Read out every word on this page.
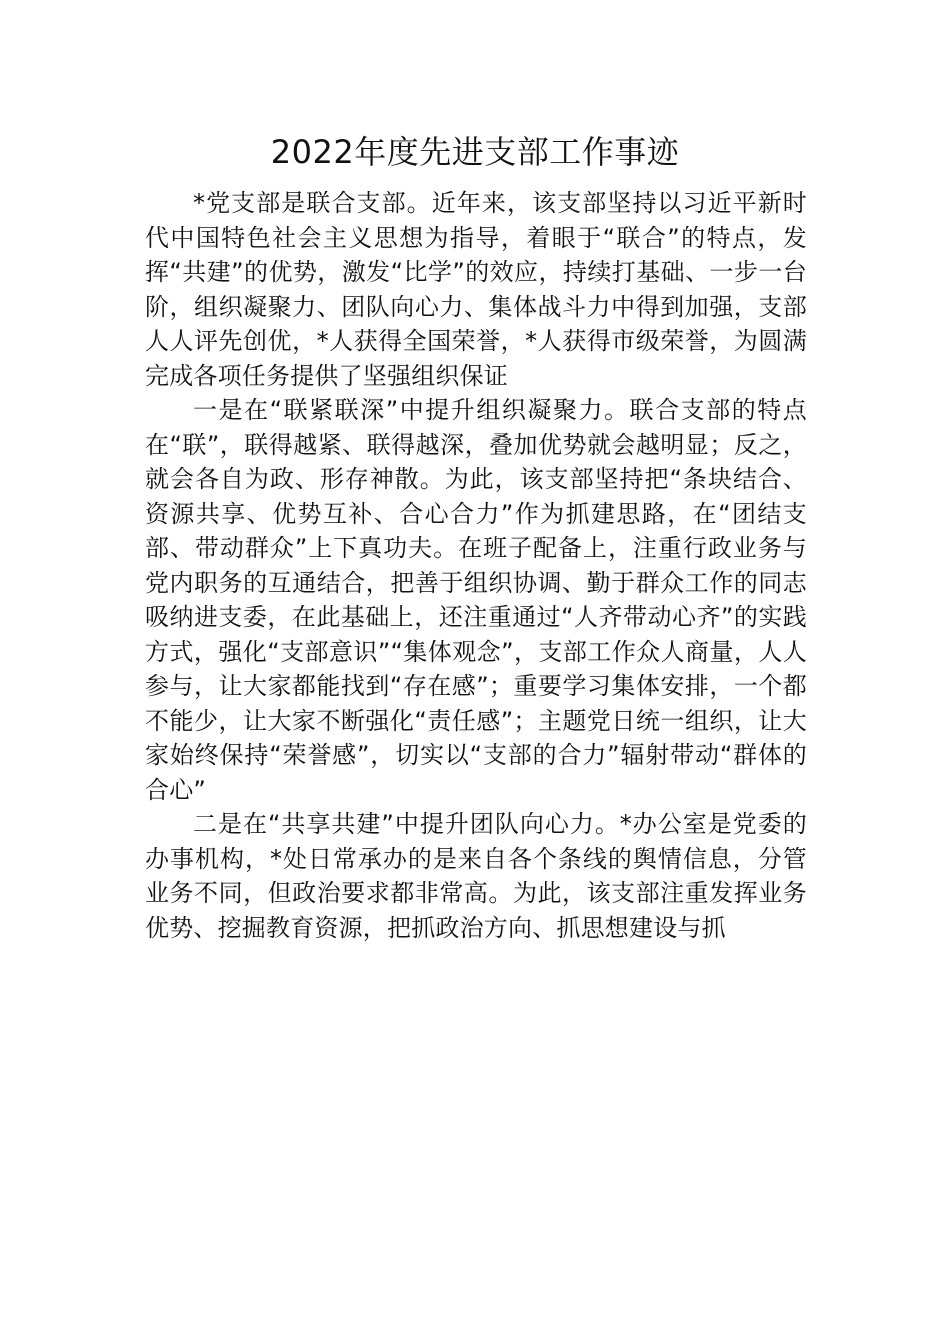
2022年度先进支部工作事迹

*党支部是联合支部。近年来，该支部坚持以习近平新时代中国特色社会主义思想为指导，着眼于“联合”的特点，发挥“共建”的优势，激发“比学”的效应，持续打基础、一步一台阶，组织凝聚力、团队向心力、集体战斗力中得到加强，支部人人评先创优，*人获得全国荣誉，*人获得市级荣誉，为圆满完成各项任务提供了坚强组织保证

一是在“联紧联深”中提升组织凝聚力。联合支部的特点在“联”，联得越紧、联得越深，叠加优势就会越明显；反之，就会各自为政、形存神散。为此，该支部坚持把“条块结合、资源共享、优势互补、合心合力”作为抓建思路，在“团结支部、带动群众”上下真功夫。在班子配备上，注重行政业务与党内职务的互通结合，把善于组织协调、勤于群众工作的同志吸纳进支委，在此基础上，还注重通过“人齐带动心齐”的实践方式，强化“支部意识”“集体观念”，支部工作众人商量，人人参与，让大家都能找到“存在感”；重要学习集体安排，一个都不能少，让大家不断强化“责任感”；主题党日统一组织，让大家始终保持“荣誉感”，切实以“支部的合力”辐射带动“群体的合心”

二是在“共享共建”中提升团队向心力。*办公室是党委的办事机构，*处日常承办的是来自各个条线的舆情信息，分管业务不同，但政治要求都非常高。为此，该支部注重发挥业务优势、挖掘教育资源，把抓政治方向、抓思想建设与抓
